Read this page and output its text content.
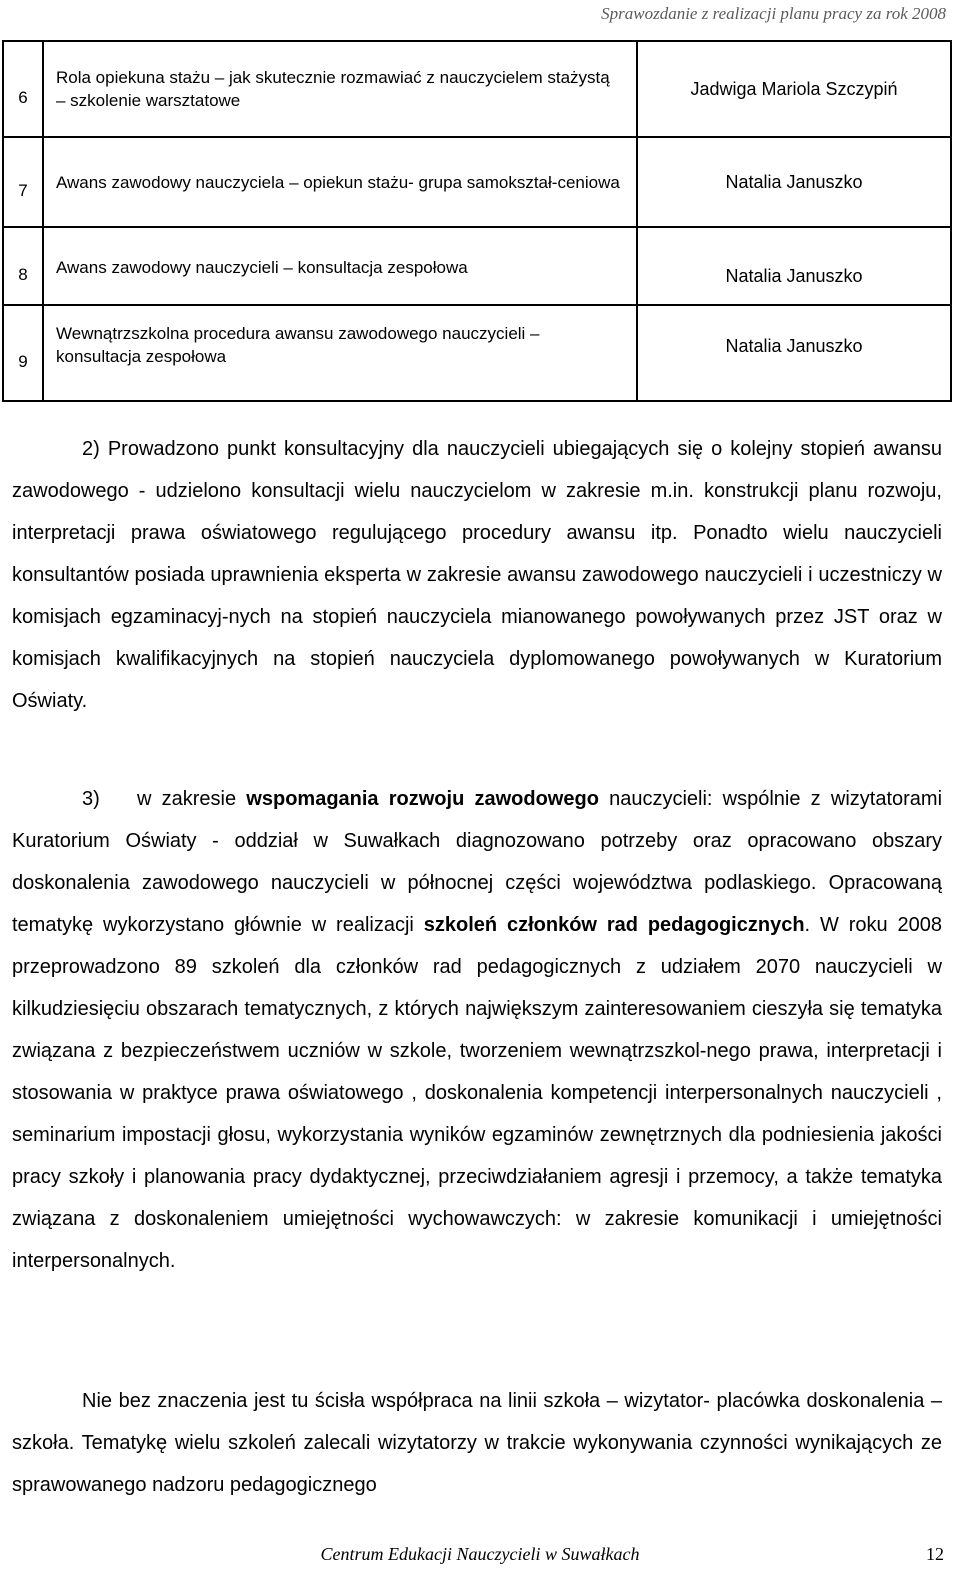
Sprawozdanie z realizacji planu pracy za rok 2008
6	Rola opiekuna stażu – jak skutecznie rozmawiać z nauczycielem stażystą – szkolenie warsztatowe	Jadwiga Mariola Szczypiń
7	Awans zawodowy nauczyciela – opiekun stażu- grupa samokształ-ceniowa	Natalia Januszko
8	Awans zawodowy nauczycieli – konsultacja zespołowa	Natalia Januszko
9	Wewnątrzszkolna procedura awansu zawodowego nauczycieli – konsultacja zespołowa	Natalia Januszko

2) Prowadzono punkt konsultacyjny dla nauczycieli ubiegających się o kolejny stopień awansu zawodowego - udzielono konsultacji wielu nauczycielom w zakresie m.in. konstrukcji planu rozwoju, interpretacji prawa oświatowego regulującego procedury awansu itp. Ponadto wielu nauczycieli konsultantów posiada uprawnienia eksperta w zakresie awansu zawodowego nauczycieli i uczestniczy w komisjach egzaminacyj-nych na stopień nauczyciela mianowanego powoływanych przez JST oraz w komisjach kwalifikacyjnych na stopień nauczyciela dyplomowanego powoływanych w Kuratorium Oświaty.

3) w zakresie wspomagania rozwoju zawodowego nauczycieli: wspólnie z wizytatorami Kuratorium Oświaty - oddział w Suwałkach diagnozowano potrzeby oraz opracowano obszary doskonalenia zawodowego nauczycieli w północnej części województwa podlaskiego. Opracowaną tematykę wykorzystano głównie w realizacji szkoleń członków rad pedagogicznych. W roku 2008 przeprowadzono 89 szkoleń dla członków rad pedagogicznych z udziałem 2070 nauczycieli w kilkudziesięciu obszarach tematycznych, z których największym zainteresowaniem cieszyła się tematyka związana z bezpieczeństwem uczniów w szkole, tworzeniem wewnątrzszkol-nego prawa, interpretacji i stosowania w praktyce prawa oświatowego , doskonalenia kompetencji interpersonalnych nauczycieli , seminarium impostacji głosu, wykorzystania wyników egzaminów zewnętrznych dla podniesienia jakości pracy szkoły i planowania pracy dydaktycznej, przeciwdziałaniem agresji i przemocy, a także tematyka związana z doskonaleniem umiejętności wychowawczych: w zakresie komunikacji i umiejętności interpersonalnych.

Nie bez znaczenia jest tu ścisła współpraca na linii szkoła – wizytator- placówka doskonalenia – szkoła. Tematykę wielu szkoleń zalecali wizytatorzy w trakcie wykonywania czynności wynikających ze sprawowanego nadzoru pedagogicznego

Centrum Edukacji Nauczycieli w Suwałkach	12
